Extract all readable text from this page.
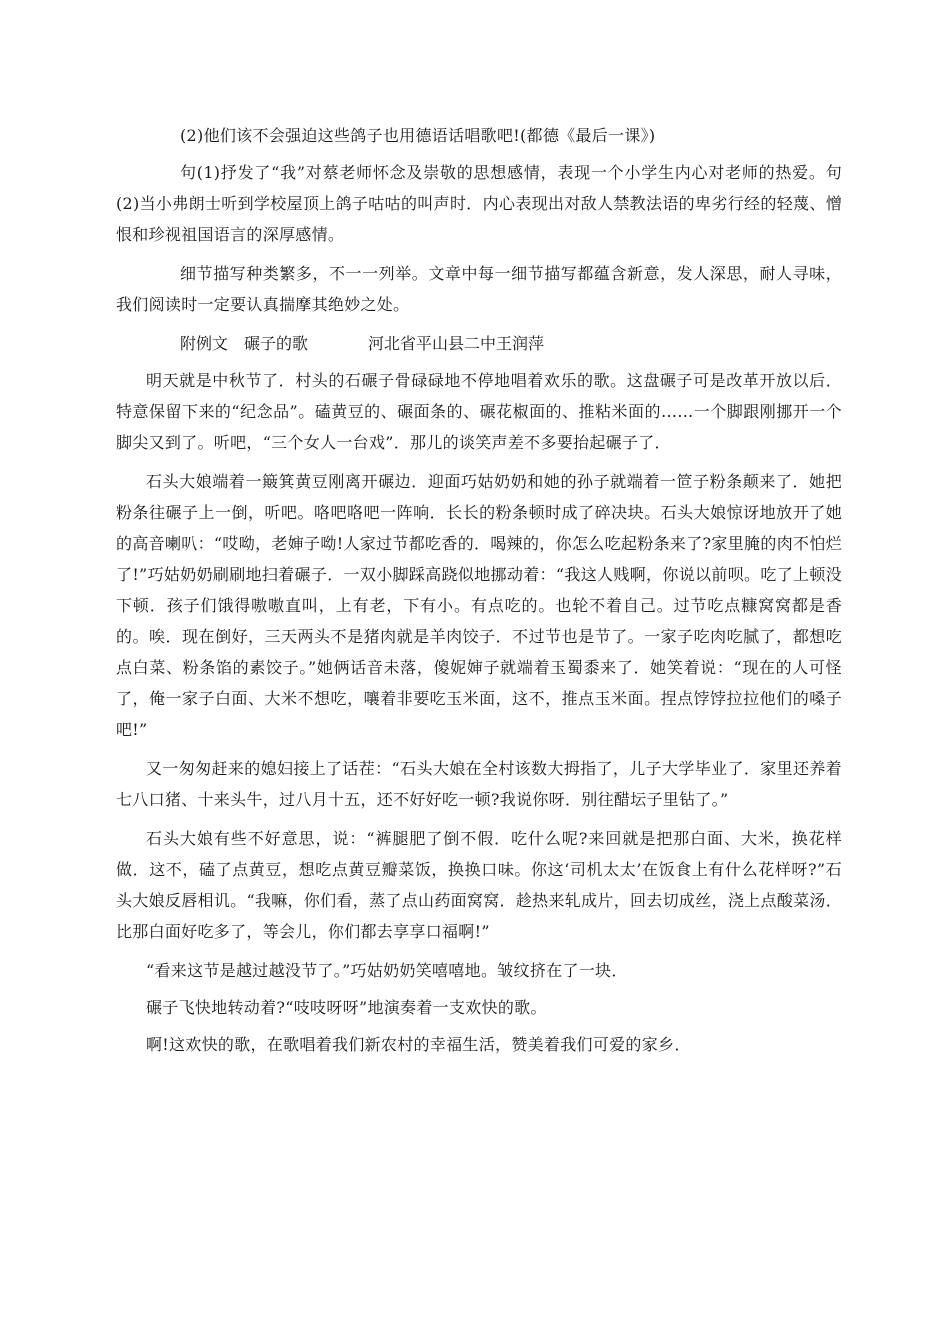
(2)他们该不会强迫这些鸽子也用德语话唱歌吧!(都德《最后一课》)

句(1)抒发了“我”对蔡老师怀念及崇敬的思想感情，表现一个小学生内心对老师的热爱。句(2)当小弗朗士听到学校屋顶上鸽子咕咕的叫声时．内心表现出对敌人禁教法语的卑劣行经的轻蔑、憎恨和珍视祖国语言的深厚感情。

细节描写种类繁多，不一一列举。文章中每一细节描写都蕴含新意，发人深思，耐人寻味，我们阅读时一定要认真揣摩其绝妙之处。

附例文 碾子的歌	河北省平山县二中王润萍

明天就是中秋节了．村头的石碾子骨碌碌地不停地唱着欢乐的歌。这盘碾子可是改革开放以后．特意保留下来的“纪念品”。磕黄豆的、碾面条的、碾花椒面的、推粘米面的……一个脚跟刚挪开一个脚尖又到了。听吧，“三个女人一台戏”．那儿的谈笑声差不多要抬起碾子了．

石头大娘端着一簸箕黄豆刚离开碾边．迎面巧姑奶奶和她的孙子就端着一笸子粉条颠来了．她把粉条往碾子上一倒，听吧。咯吧咯吧一阵响．长长的粉条顿时成了碎决块。石头大娘惊讶地放开了她的高音喇叭：“哎呦，老婶子呦!人家过节都吃香的．喝辣的，你怎么吃起粉条来了?家里腌的肉不怕烂了!”巧姑奶奶刷刷地扫着碾子．一双小脚踩高跷似地挪动着：“我这人贱啊，你说以前呗。吃了上顿没下顿．孩子们饿得嗷嗷直叫，上有老，下有小。有点吃的。也轮不着自己。过节吃点糠窝窝都是香的。唉．现在倒好，三天两头不是猪肉就是羊肉饺子．不过节也是节了。一家子吃肉吃腻了，都想吃点白菜、粉条馅的素饺子。”她俩话音未落，傻妮婶子就端着玉蜀黍来了．她笑着说：“现在的人可怪了，俺一家子白面、大米不想吃，嚷着非要吃玉米面，这不，推点玉米面。捏点饽饽拉拉他们的嗓子吧!”

又一匆匆赶来的媳妇接上了话茬：“石头大娘在全村该数大拇指了，儿子大学毕业了．家里还养着七八口猪、十来头牛，过八月十五，还不好好吃一顿?我说你呀．别往醋坛子里钻了。”

石头大娘有些不好意思，说：“裤腿肥了倒不假．吃什么呢?来回就是把那白面、大米，换花样做．这不，磕了点黄豆，想吃点黄豆瓣菜饭，换换口味。你这‘司机太太’在饭食上有什么花样呀?”石头大娘反唇相讥。“我嘛，你们看，蒸了点山药面窝窝．趁热来轧成片，回去切成丝，浇上点酸菜汤．比那白面好吃多了，等会儿，你们都去享享口福啊!”

“看来这节是越过越没节了。”巧姑奶奶笑嘻嘻地。皱纹挤在了一块．

碾子飞快地转动着?“吱吱呀呀”地演奏着一支欢快的歌。

啊!这欢快的歌，在歌唱着我们新农村的幸福生活，赞美着我们可爱的家乡．
